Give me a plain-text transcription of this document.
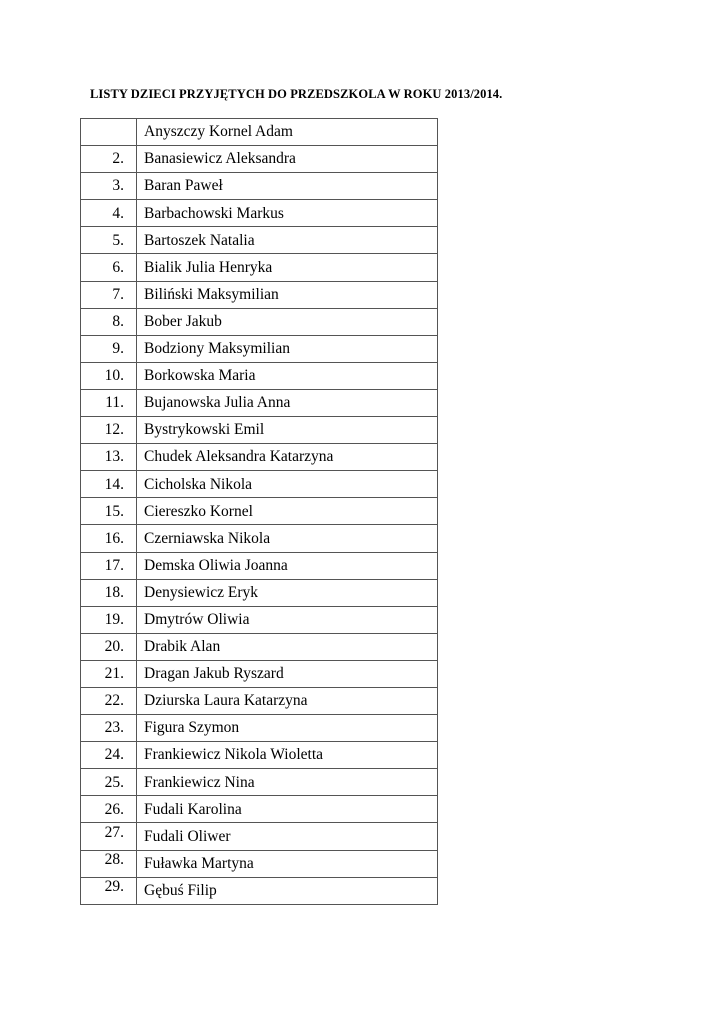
LISTY DZIECI PRZYJĘTYCH DO PRZEDSZKOLA W ROKU 2013/2014.
	Anyszczy Kornel Adam
2.	Banasiewicz Aleksandra
3.	Baran Paweł
4.	Barbachowski Markus
5.	Bartoszek Natalia
6.	Bialik Julia Henryka
7.	Biliński Maksymilian
8.	Bober Jakub
9.	Bodziony Maksymilian
10.	Borkowska Maria
11.	Bujanowska Julia Anna
12.	Bystrykowski Emil
13.	Chudek Aleksandra Katarzyna
14.	Cicholska Nikola
15.	Ciereszko Kornel
16.	Czerniawska Nikola
17.	Demska Oliwia Joanna
18.	Denysiewicz Eryk
19.	Dmytrów Oliwia
20.	Drabik Alan
21.	Dragan Jakub Ryszard
22.	Dziurska Laura Katarzyna
23.	Figura Szymon
24.	Frankiewicz Nikola Wioletta
25.	Frankiewicz Nina
26.	Fudali Karolina
27.	Fudali Oliwer
28.	Fuławka Martyna
29.	Gębuś Filip
